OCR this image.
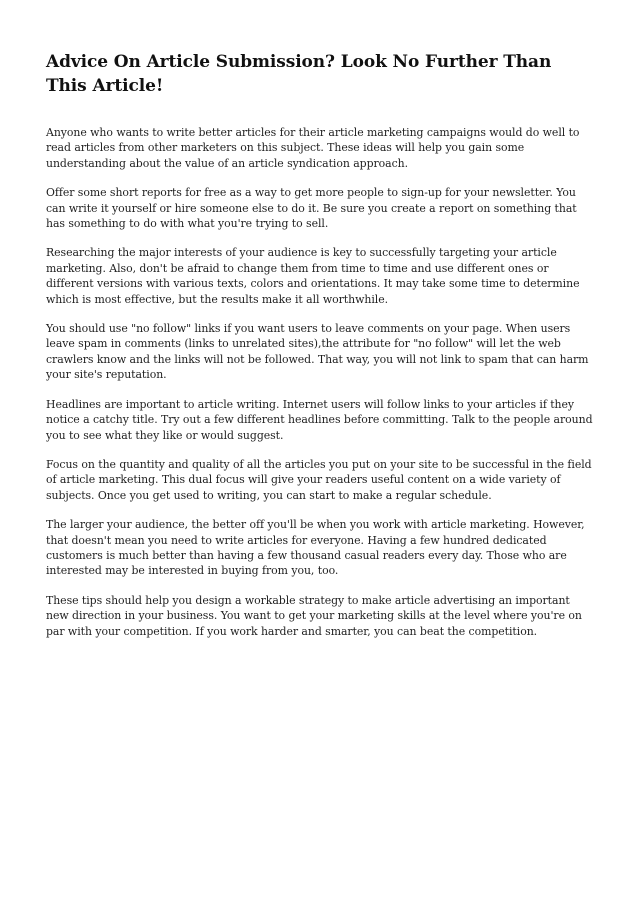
Advice On Article Submission? Look No Further Than This Article!

Anyone who wants to write better articles for their article marketing campaigns would do well to read articles from other marketers on this subject. These ideas will help you gain some understanding about the value of an article syndication approach.

Offer some short reports for free as a way to get more people to sign-up for your newsletter. You can write it yourself or hire someone else to do it. Be sure you create a report on something that has something to do with what you're trying to sell.

Researching the major interests of your audience is key to successfully targeting your article marketing. Also, don't be afraid to change them from time to time and use different ones or different versions with various texts, colors and orientations. It may take some time to determine which is most effective, but the results make it all worthwhile.

You should use "no follow" links if you want users to leave comments on your page. When users leave spam in comments (links to unrelated sites),the attribute for "no follow" will let the web crawlers know and the links will not be followed. That way, you will not link to spam that can harm your site's reputation.

Headlines are important to article writing. Internet users will follow links to your articles if they notice a catchy title. Try out a few different headlines before committing. Talk to the people around you to see what they like or would suggest.

Focus on the quantity and quality of all the articles you put on your site to be successful in the field of article marketing. This dual focus will give your readers useful content on a wide variety of subjects. Once you get used to writing, you can start to make a regular schedule.

The larger your audience, the better off you'll be when you work with article marketing. However, that doesn't mean you need to write articles for everyone. Having a few hundred dedicated customers is much better than having a few thousand casual readers every day. Those who are interested may be interested in buying from you, too.

These tips should help you design a workable strategy to make article advertising an important new direction in your business. You want to get your marketing skills at the level where you're on par with your competition. If you work harder and smarter, you can beat the competition.
